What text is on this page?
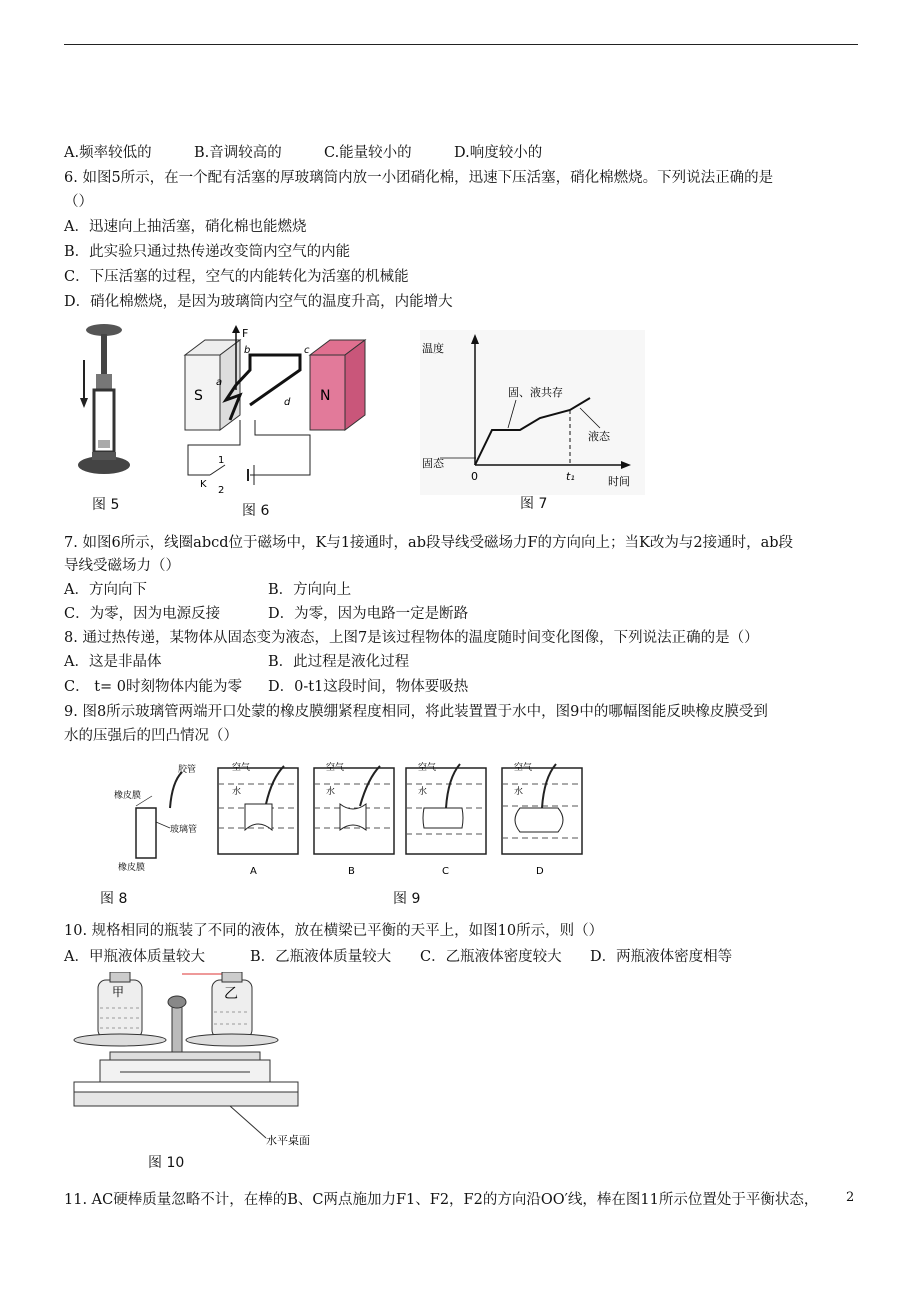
A.频率较低的	B.音调较高的	C.能量较小的	D.响度较小的
6. 如图5所示，在一个配有活塞的厚玻璃筒内放一小团硝化棉，迅速下压活塞，硝化棉燃烧。下列说法正确的是
（）
A．迅速向上抽活塞，硝化棉也能燃烧
B．此实验只通过热传递改变筒内空气的内能
C．下压活塞的过程，空气的内能转化为活塞的机械能
D．硝化棉燃烧，是因为玻璃筒内空气的温度升高，内能增大
图 5
S	N
F
a
b	c
d
1
K
2
图 6
温度
时间
0	t₁
固态
固、液共存
液态
图 7
7. 如图6所示，线圈abcd位于磁场中，K与1接通时，ab段导线受磁场力F的方向向上；当K改为与2接通时，ab段
导线受磁场力（）
A．方向向下	B．方向向上
C．为零，因为电源反接	D．为零，因为电路一定是断路
8. 通过热传递，某物体从固态变为液态，上图7是该过程物体的温度随时间变化图像，下列说法正确的是（）
A．这是非晶体	B．此过程是液化过程
C． t= 0时刻物体内能为零 D．0-t1这段时间，物体要吸热
9. 图8所示玻璃管两端开口处蒙的橡皮膜绷紧程度相同，将此装置置于水中，图9中的哪幅图能反映橡皮膜受到
水的压强后的凹凸情况（）
胶管
橡皮膜
玻璃管
橡皮膜
图 8
空气
水
A
空气
水
B
空气
水
C
空气
水
D
图 9
10. 规格相同的瓶装了不同的液体，放在横梁已平衡的天平上，如图10所示，则（）
A．甲瓶液体质量较大	B．乙瓶液体质量较大 C．乙瓶液体密度较大 D．两瓶液体密度相等
甲	乙
水平桌面
图 10
11. AC硬棒质量忽略不计，在棒的B、C两点施加力F1、F2，F2的方向沿OO′线，棒在图11所示位置处于平衡状态， 2
